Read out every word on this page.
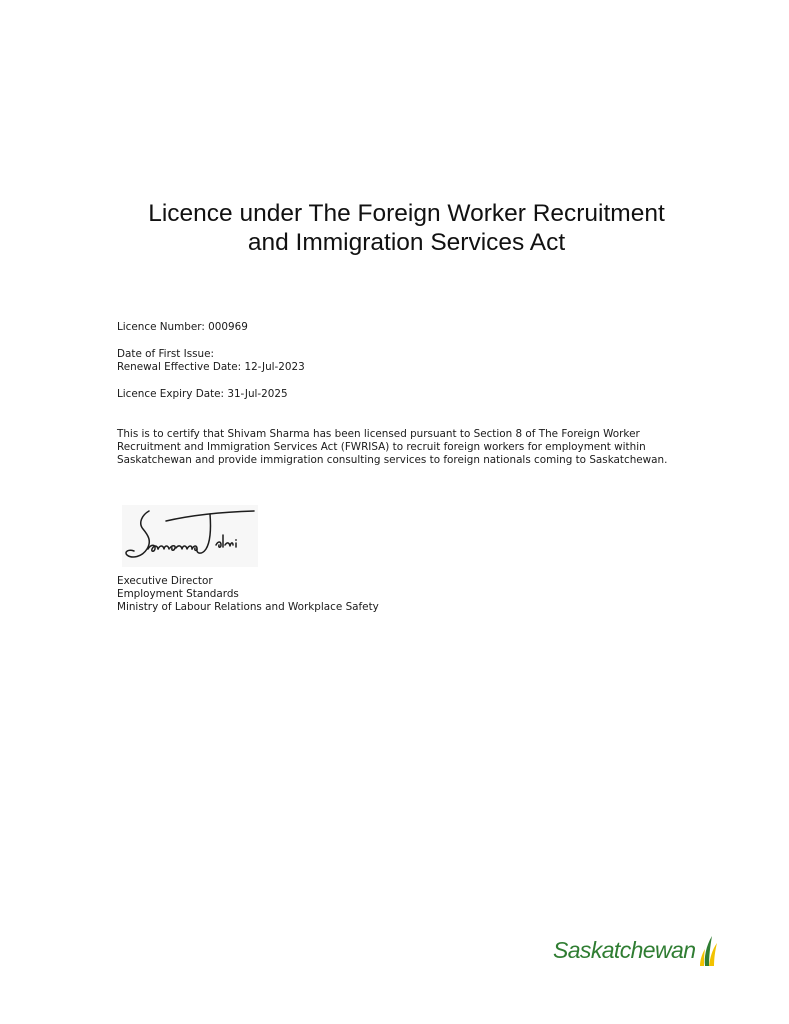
Licence under The Foreign Worker Recruitment
and Immigration Services Act
Licence Number: 000969
Date of First Issue:
Renewal Effective Date: 12-Jul-2023
Licence Expiry Date: 31-Jul-2025
This is to certify that Shivam Sharma has been licensed pursuant to Section 8 of The Foreign Worker
Recruitment and Immigration Services Act (FWRISA) to recruit foreign workers for employment within
Saskatchewan and provide immigration consulting services to foreign nationals coming to Saskatchewan.
Executive Director
Employment Standards
Ministry of Labour Relations and Workplace Safety
Saskatchewan
